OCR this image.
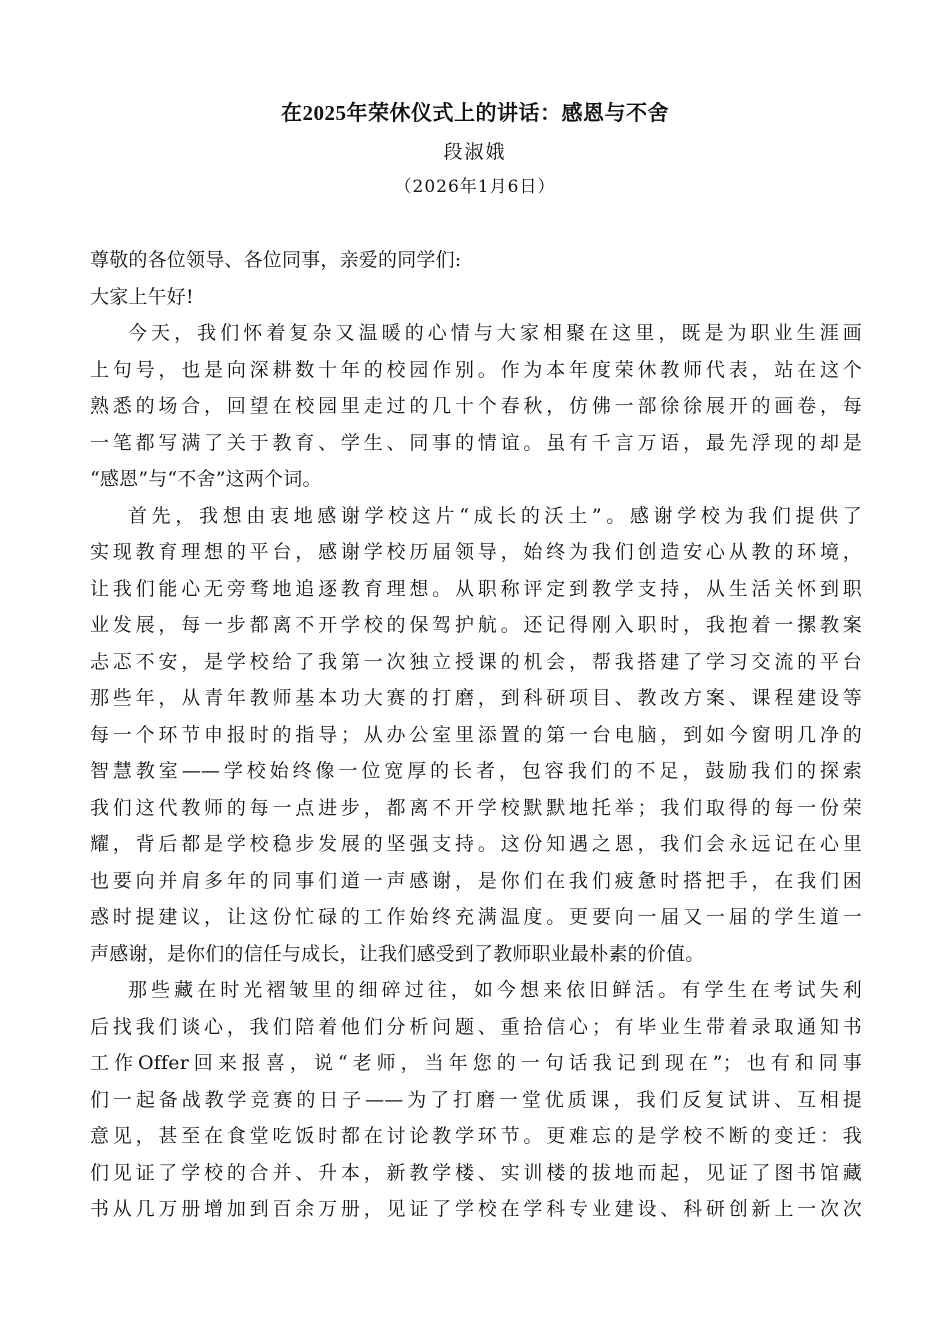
在2025年荣休仪式上的讲话：感恩与不舍
段淑娥
（2026年1月6日）
尊敬的各位领导、各位同事，亲爱的同学们:
大家上午好!
今天，我们怀着复杂又温暖的心情与大家相聚在这里，既是为职业生涯画
上句号，也是向深耕数十年的校园作别。作为本年度荣休教师代表，站在这个
熟悉的场合，回望在校园里走过的几十个春秋，仿佛一部徐徐展开的画卷，每
一笔都写满了关于教育、学生、同事的情谊。虽有千言万语，最先浮现的却是
“感恩”与“不舍”这两个词。
首先，我想由衷地感谢学校这片“成长的沃土”。感谢学校为我们提供了
实现教育理想的平台，感谢学校历届领导，始终为我们创造安心从教的环境，
让我们能心无旁骛地追逐教育理想。从职称评定到教学支持，从生活关怀到职
业发展，每一步都离不开学校的保驾护航。还记得刚入职时，我抱着一摞教案
忐忑不安，是学校给了我第一次独立授课的机会，帮我搭建了学习交流的平台
那些年，从青年教师基本功大赛的打磨，到科研项目、教改方案、课程建设等
每一个环节申报时的指导；从办公室里添置的第一台电脑，到如今窗明几净的
智慧教室——学校始终像一位宽厚的长者，包容我们的不足，鼓励我们的探索
我们这代教师的每一点进步，都离不开学校默默地托举；我们取得的每一份荣
耀，背后都是学校稳步发展的坚强支持。这份知遇之恩，我们会永远记在心里
也要向并肩多年的同事们道一声感谢，是你们在我们疲惫时搭把手，在我们困
惑时提建议，让这份忙碌的工作始终充满温度。更要向一届又一届的学生道一
声感谢，是你们的信任与成长，让我们感受到了教师职业最朴素的价值。
那些藏在时光褶皱里的细碎过往，如今想来依旧鲜活。有学生在考试失利
后找我们谈心，我们陪着他们分析问题、重拾信心；有毕业生带着录取通知书
工作Offer回来报喜，说“老师，当年您的一句话我记到现在”；也有和同事
们一起备战教学竞赛的日子——为了打磨一堂优质课，我们反复试讲、互相提
意见，甚至在食堂吃饭时都在讨论教学环节。更难忘的是学校不断的变迁：我
们见证了学校的合并、升本，新教学楼、实训楼的拔地而起，见证了图书馆藏
书从几万册增加到百余万册，见证了学校在学科专业建设、科研创新上一次次
